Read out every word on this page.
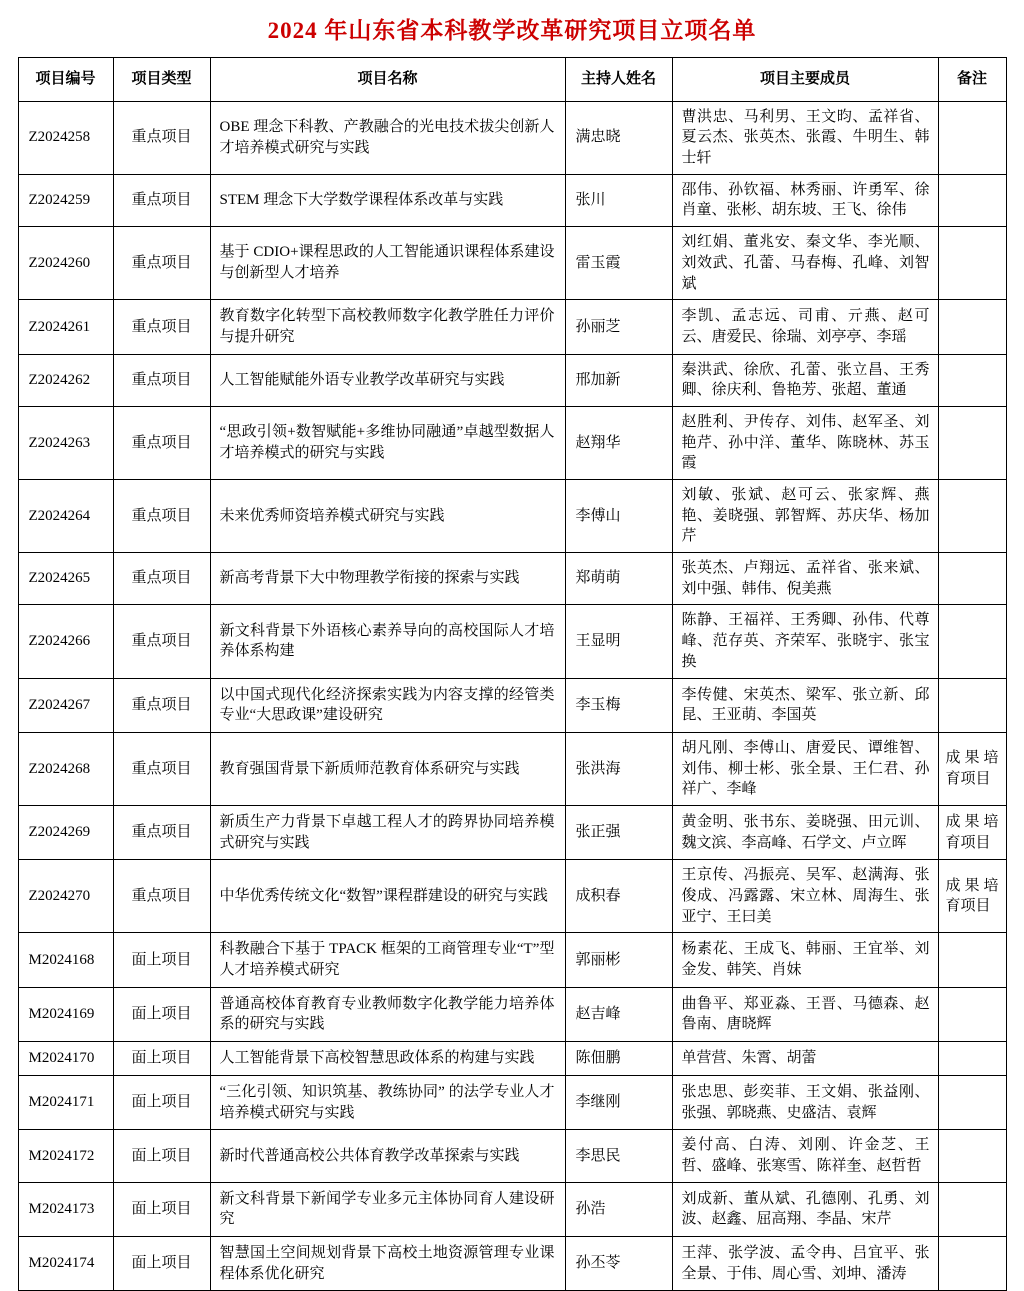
2024 年山东省本科教学改革研究项目立项名单
项目编号	项目类型	项目名称	主持人姓名	项目主要成员	备注
Z2024258	重点项目	OBE 理念下科教、产教融合的光电技术拔尖创新人才培养模式研究与实践	满忠晓	曹洪忠、马利男、王文昀、孟祥省、夏云杰、张英杰、张霞、牛明生、韩士轩	
Z2024259	重点项目	STEM 理念下大学数学课程体系改革与实践	张川	邵伟、孙钦福、林秀丽、许勇军、徐肖童、张彬、胡东坡、王飞、徐伟	
Z2024260	重点项目	基于 CDIO+课程思政的人工智能通识课程体系建设与创新型人才培养	雷玉霞	刘红娟、董兆安、秦文华、李光顺、刘效武、孔蕾、马春梅、孔峰、刘智斌	
Z2024261	重点项目	教育数字化转型下高校教师数字化教学胜任力评价与提升研究	孙丽芝	李凯、孟志远、司甫、亓燕、赵可云、唐爱民、徐瑞、刘亭亭、李瑶	
Z2024262	重点项目	人工智能赋能外语专业教学改革研究与实践	邢加新	秦洪武、徐欣、孔蕾、张立昌、王秀卿、徐庆利、鲁艳芳、张超、董通	
Z2024263	重点项目	“思政引领+数智赋能+多维协同融通”卓越型数据人才培养模式的研究与实践	赵翔华	赵胜利、尹传存、刘伟、赵军圣、刘艳芹、孙中洋、董华、陈晓林、苏玉霞	
Z2024264	重点项目	未来优秀师资培养模式研究与实践	李傅山	刘敏、张斌、赵可云、张家辉、燕艳、姜晓强、郭智辉、苏庆华、杨加芹	
Z2024265	重点项目	新高考背景下大中物理教学衔接的探索与实践	郑萌萌	张英杰、卢翔远、孟祥省、张来斌、刘中强、韩伟、倪美燕	
Z2024266	重点项目	新文科背景下外语核心素养导向的高校国际人才培养体系构建	王显明	陈静、王福祥、王秀卿、孙伟、代尊峰、范存英、齐荣军、张晓宇、张宝换	
Z2024267	重点项目	以中国式现代化经济探索实践为内容支撑的经管类专业“大思政课”建设研究	李玉梅	李传健、宋英杰、梁军、张立新、邱昆、王亚萌、李国英	
Z2024268	重点项目	教育强国背景下新质师范教育体系研究与实践	张洪海	胡凡刚、李傅山、唐爱民、谭维智、刘伟、柳士彬、张全景、王仁君、孙祥广、李峰	成果培育项目
Z2024269	重点项目	新质生产力背景下卓越工程人才的跨界协同培养模式研究与实践	张正强	黄金明、张书东、姜晓强、田元训、魏文滨、李高峰、石学文、卢立晖	成果培育项目
Z2024270	重点项目	中华优秀传统文化“数智”课程群建设的研究与实践	成积春	王京传、冯振亮、吴军、赵满海、张俊成、冯露露、宋立林、周海生、张亚宁、王曰美	成果培育项目
M2024168	面上项目	科教融合下基于 TPACK 框架的工商管理专业“T”型人才培养模式研究	郭丽彬	杨素花、王成飞、韩丽、王宜举、刘金发、韩笑、肖妹	
M2024169	面上项目	普通高校体育教育专业教师数字化教学能力培养体系的研究与实践	赵吉峰	曲鲁平、郑亚淼、王晋、马德森、赵鲁南、唐晓辉	
M2024170	面上项目	人工智能背景下高校智慧思政体系的构建与实践	陈佃鹏	单营营、朱霄、胡蕾	
M2024171	面上项目	“三化引领、知识筑基、教练协同” 的法学专业人才培养模式研究与实践	李继刚	张忠思、彭奕菲、王文娟、张益刚、张强、郭晓燕、史盛洁、袁辉	
M2024172	面上项目	新时代普通高校公共体育教学改革探索与实践	李思民	姜付高、白涛、刘刚、许金芝、王哲、盛峰、张寒雪、陈祥奎、赵哲哲	
M2024173	面上项目	新文科背景下新闻学专业多元主体协同育人建设研究	孙浩	刘成新、董从斌、孔德刚、孔勇、刘波、赵鑫、屈高翔、李晶、宋芹	
M2024174	面上项目	智慧国土空间规划背景下高校土地资源管理专业课程体系优化研究	孙丕苓	王萍、张学波、孟令冉、吕宜平、张全景、于伟、周心雪、刘坤、潘涛	
